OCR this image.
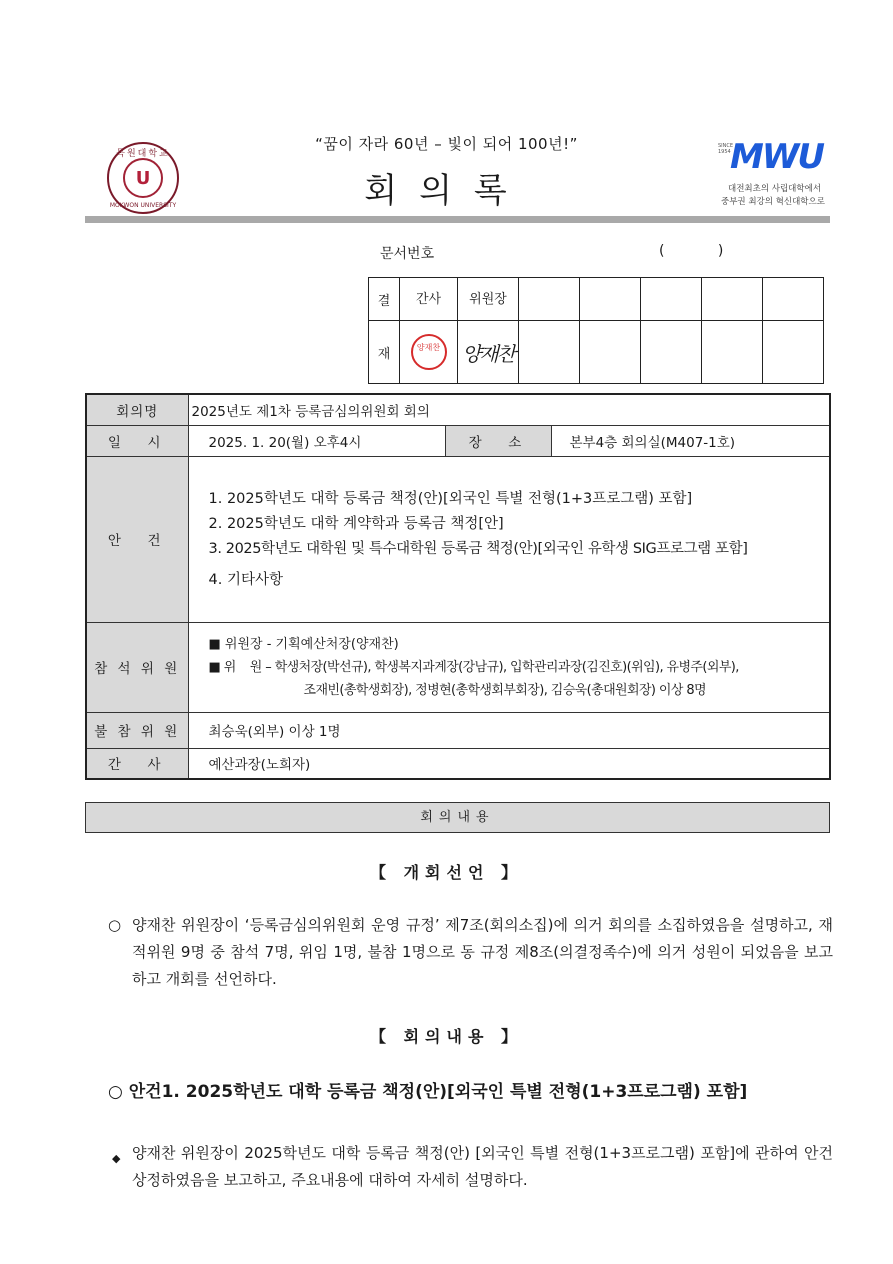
목원대학교
U
MOKWON UNIVERSITY
“꿈이 자라 60년 – 빛이 되어 100년!”
회의록
SINCE 1954 MWU
대전최초의 사립대학에서
중부권 최강의 혁신대학으로
문서번호	(            )
결	간사	위원장					
재	양재찬	양재찬					
회의명	2025년도 제1차 등록금심의위원회 회의		
일  시	2025. 1. 20(월) 오후4시	장  소	본부4층 회의실(M407-1호)
안  건	1. 2025학년도 대학 등록금 책정(안)[외국인 특별 전형(1+3프로그램) 포함]
2. 2025학년도 대학 계약학과 등록금 책정[안]
3. 2025학년도 대학원 및 특수대학원 등록금 책정(안)[외국인 유학생 SIG프로그램 포함]
4. 기타사항		

참 석 위 원	■ 위원장 - 기획예산처장(양재찬)
■ 위    원 – 학생처장(박선규), 학생복지과계장(강남규), 입학관리과장(김진호)(위임), 유병주(외부),
조재빈(총학생회장), 정병현(총학생회부회장), 김승욱(총대원회장) 이상 8명		

불 참 위 원	최승욱(외부) 이상 1명		
간  사	예산과장(노희자)		
회의내용
【 개회선언 】
○ 양재찬 위원장이 ‘등록금심의위원회 운영 규정’ 제7조(회의소집)에 의거 회의를 소집하였음을 설명하고, 재적위원 9명 중 참석 7명, 위임 1명, 불참 1명으로 동 규정 제8조(의결정족수)에 의거 성원이 되었음을 보고하고 개회를 선언하다.
【 회의내용 】
○ 안건1. 2025학년도 대학 등록금 책정(안)[외국인 특별 전형(1+3프로그램) 포함]
◆ 양재찬 위원장이 2025학년도 대학 등록금 책정(안) [외국인 특별 전형(1+3프로그램) 포함]에 관하여 안건 상정하였음을 보고하고, 주요내용에 대하여 자세히 설명하다.
